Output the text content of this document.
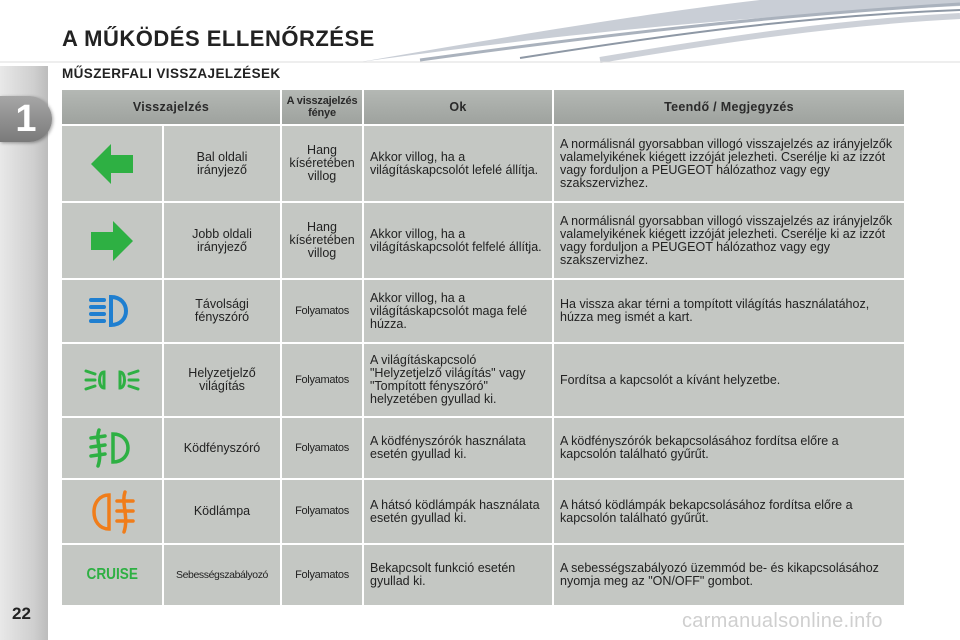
1
A MŰKÖDÉS ELLENŐRZÉSE
MŰSZERFALI VISSZAJELZÉSEK
Visszajelzés		A visszajelzés fénye	Ok	Teendő / Megjegyzés

	Bal oldali irányjező	Hang kíséretében villog	Akkor villog, ha a világításkapcsolót lefelé állítja.	A normálisnál gyorsabban villogó visszajelzés az irányjelzők valamelyikének kiégett izzóját jelezheti. Cserélje ki az izzót vagy forduljon a PEUGEOT hálózathoz vagy egy szakszervizhez.

	Jobb oldali irányjező	Hang kíséretében villog	Akkor villog, ha a világításkapcsolót felfelé állítja.	A normálisnál gyorsabban villogó visszajelzés az irányjelzők valamelyikének kiégett izzóját jelezheti. Cserélje ki az izzót vagy forduljon a PEUGEOT hálózathoz vagy egy szakszervizhez.

	Távolsági fényszóró	Folyamatos	Akkor villog, ha a világításkapcsolót maga felé húzza.	Ha vissza akar térni a tompított világítás használatához, húzza meg ismét a kart.

	Helyzetjelző világítás	Folyamatos	A világításkapcsoló "Helyzetjelző világítás" vagy "Tompított fényszóró" helyzetében gyullad ki.	Fordítsa a kapcsolót a kívánt helyzetbe.

	Ködfényszóró	Folyamatos	A ködfényszórók használata esetén gyullad ki.	A ködfényszórók bekapcsolásához fordítsa előre a kapcsolón található gyűrűt.

	Ködlámpa	Folyamatos	A hátsó ködlámpák használata esetén gyullad ki.	A hátsó ködlámpák bekapcsolásához fordítsa előre a kapcsolón található gyűrűt.
CRUISE	Sebességszabályozó	Folyamatos	Bekapcsolt funkció esetén gyullad ki.	A sebességszabályozó üzemmód be- és kikapcsolásához nyomja meg az "ON/OFF" gombot.
22	carmanualsonline.info
